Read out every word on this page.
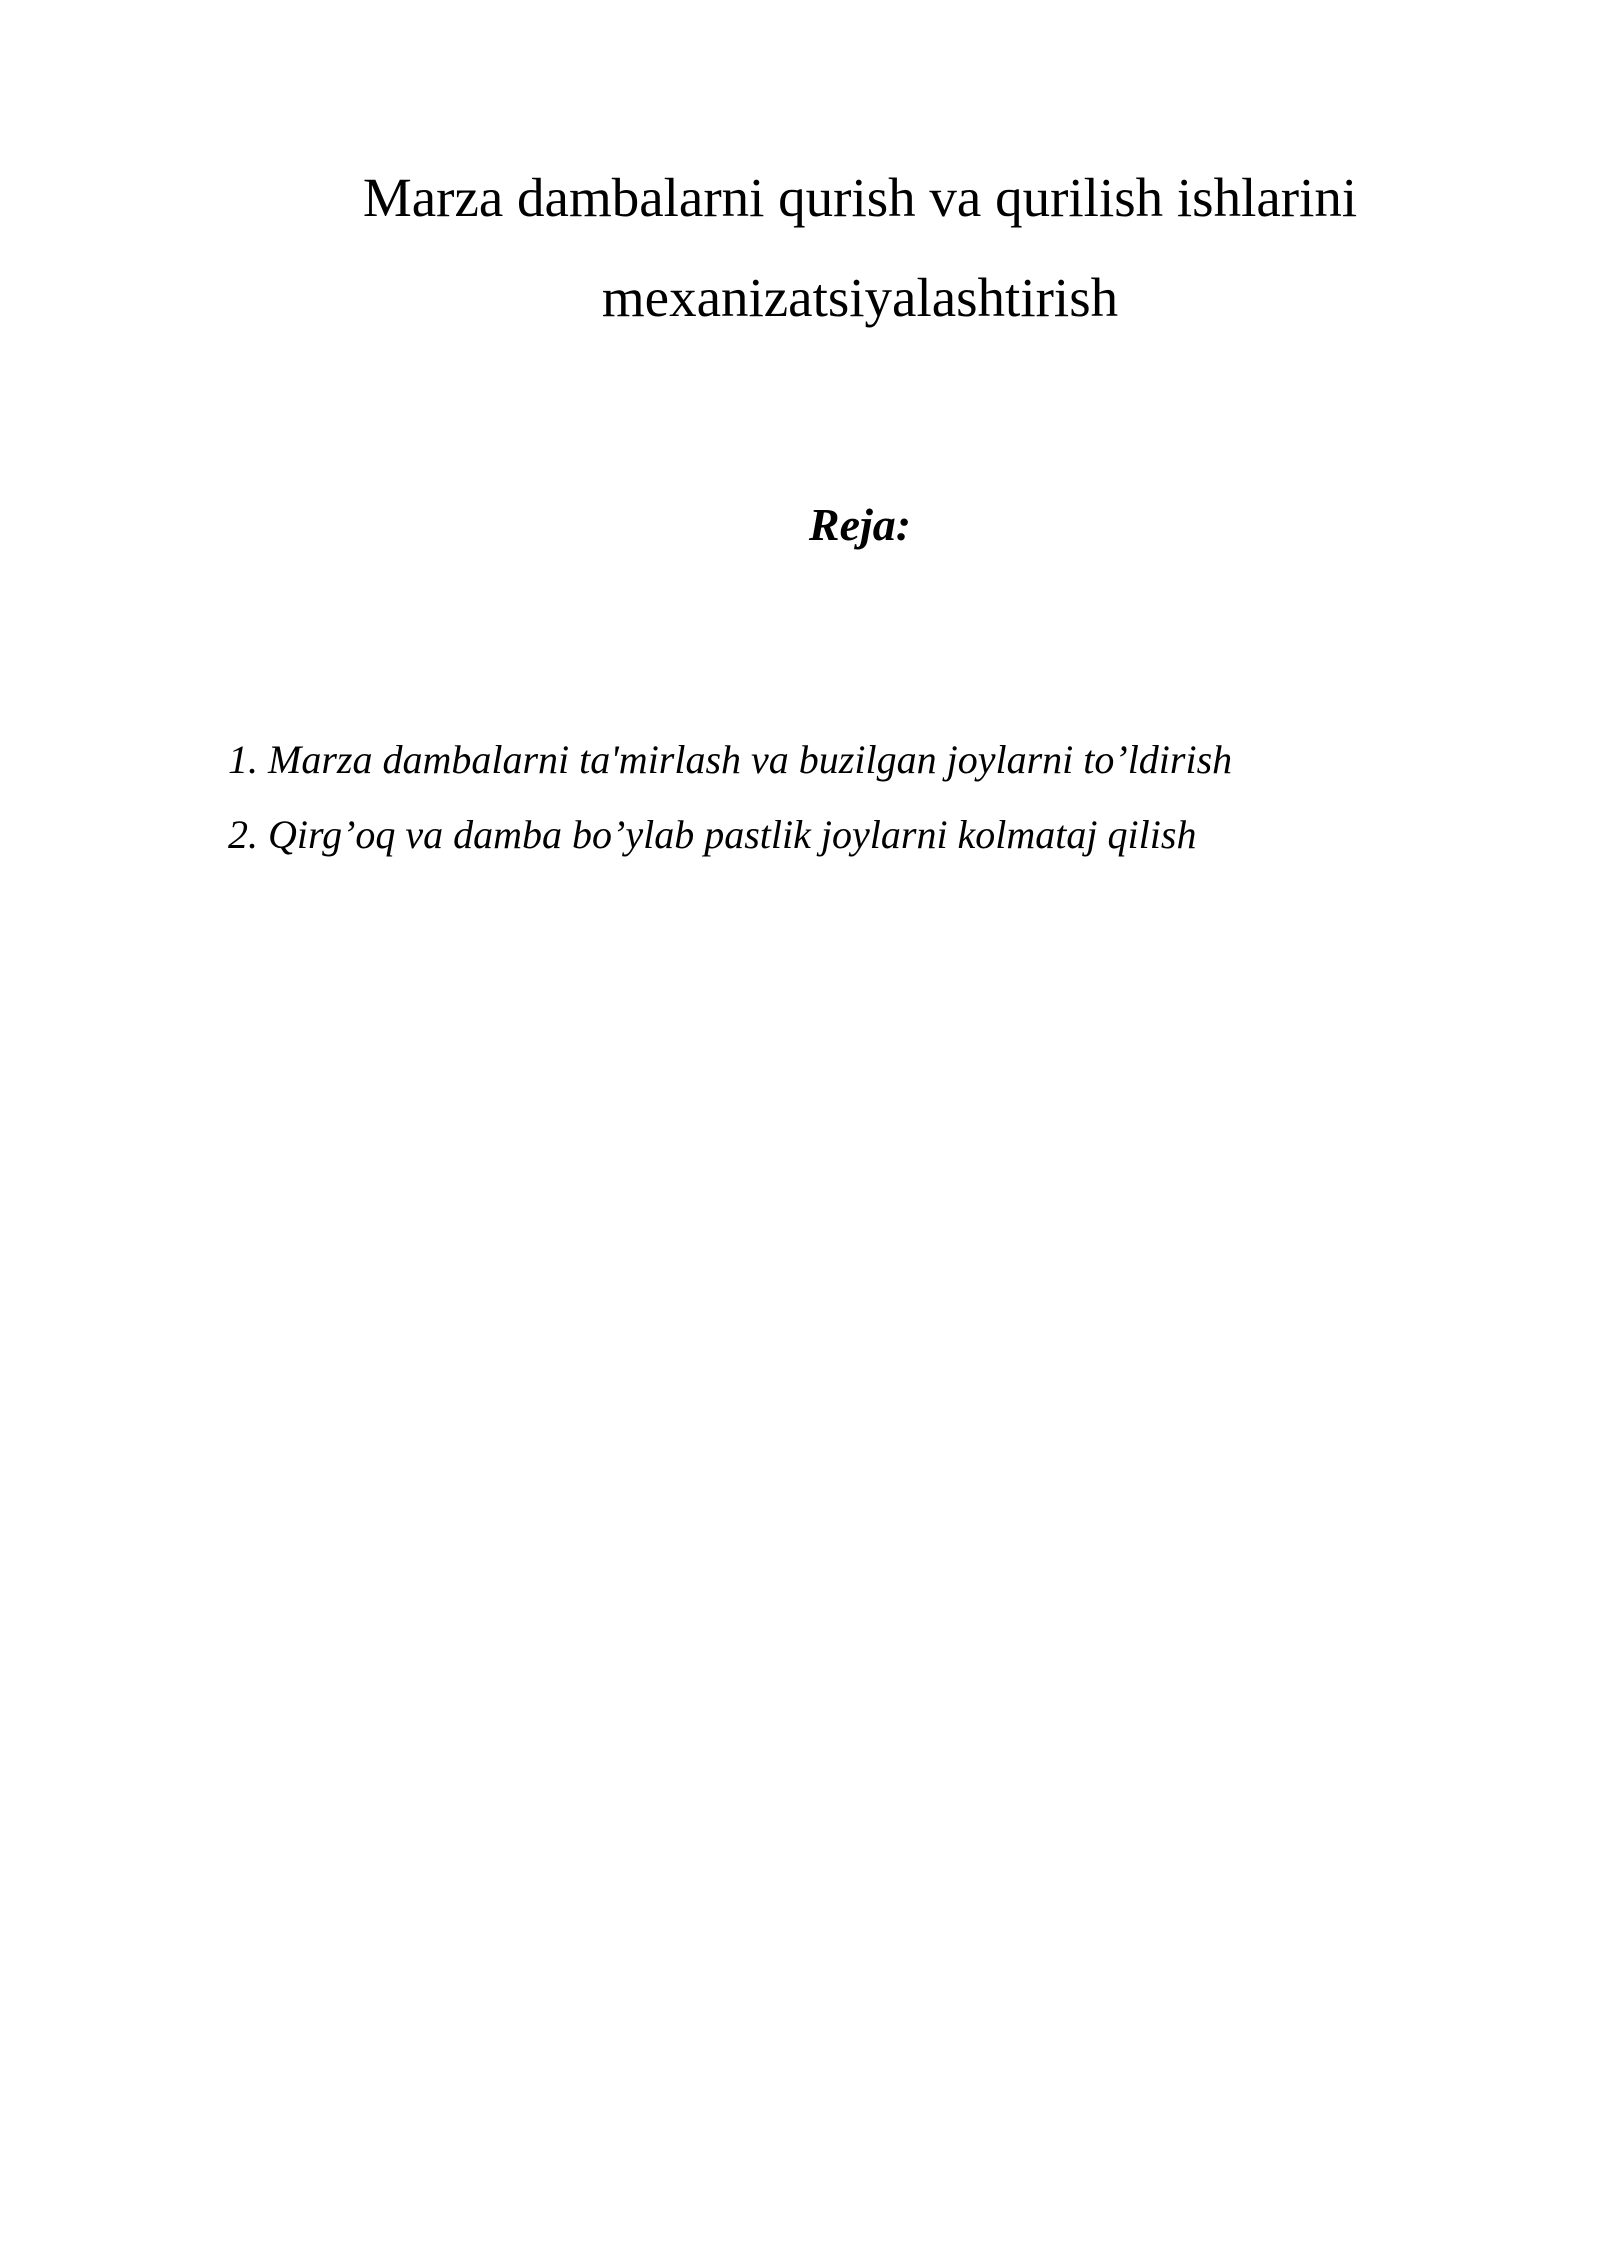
Marza dambalarni qurish va qurilish ishlarini
mexanizatsiyalashtirish
Reja:
1. Marza dambalarni ta'mirlash va buzilgan joylarni to’ldirish
2. Qirg’oq va damba bo’ylab pastlik joylarni kolmataj qilish
